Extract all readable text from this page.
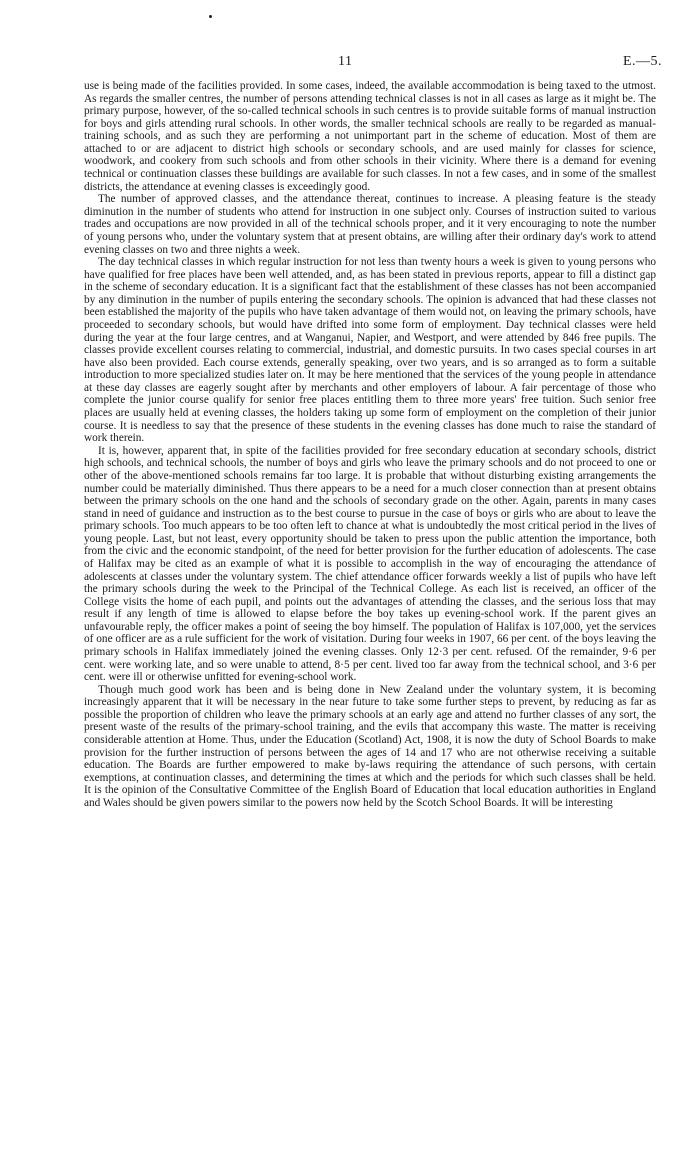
11	E.—5.

use is being made of the facilities provided. In some cases, indeed, the available accommodation is being taxed to the utmost. As regards the smaller centres, the number of persons attending technical classes is not in all cases as large as it might be. The primary purpose, however, of the so-called technical schools in such centres is to provide suitable forms of manual instruction for boys and girls attending rural schools. In other words, the smaller technical schools are really to be regarded as manual-training schools, and as such they are performing a not unimportant part in the scheme of education. Most of them are attached to or are adjacent to district high schools or secondary schools, and are used mainly for classes for science, woodwork, and cookery from such schools and from other schools in their vicinity. Where there is a demand for evening technical or continuation classes these buildings are available for such classes. In not a few cases, and in some of the smallest districts, the attendance at evening classes is exceedingly good.

The number of approved classes, and the attendance thereat, continues to increase. A pleasing feature is the steady diminution in the number of students who attend for instruction in one subject only. Courses of instruction suited to various trades and occupations are now provided in all of the technical schools proper, and it it very encouraging to note the number of young persons who, under the voluntary system that at present obtains, are willing after their ordinary day's work to attend evening classes on two and three nights a week.

The day technical classes in which regular instruction for not less than twenty hours a week is given to young persons who have qualified for free places have been well attended, and, as has been stated in previous reports, appear to fill a distinct gap in the scheme of secondary education. It is a significant fact that the establishment of these classes has not been accompanied by any diminution in the number of pupils entering the secondary schools. The opinion is advanced that had these classes not been established the majority of the pupils who have taken advantage of them would not, on leaving the primary schools, have proceeded to secondary schools, but would have drifted into some form of employment. Day technical classes were held during the year at the four large centres, and at Wanganui, Napier, and Westport, and were attended by 846 free pupils. The classes provide excellent courses relating to commercial, industrial, and domestic pursuits. In two cases special courses in art have also been provided. Each course extends, generally speaking, over two years, and is so arranged as to form a suitable introduction to more specialized studies later on. It may be here mentioned that the services of the young people in attendance at these day classes are eagerly sought after by merchants and other employers of labour. A fair percentage of those who complete the junior course qualify for senior free places entitling them to three more years' free tuition. Such senior free places are usually held at evening classes, the holders taking up some form of employment on the completion of their junior course. It is needless to say that the presence of these students in the evening classes has done much to raise the standard of work therein.

It is, however, apparent that, in spite of the facilities provided for free secondary education at secondary schools, district high schools, and technical schools, the number of boys and girls who leave the primary schools and do not proceed to one or other of the above-mentioned schools remains far too large. It is probable that without disturbing existing arrangements the number could be materially diminished. Thus there appears to be a need for a much closer connection than at present obtains between the primary schools on the one hand and the schools of secondary grade on the other. Again, parents in many cases stand in need of guidance and instruction as to the best course to pursue in the case of boys or girls who are about to leave the primary schools. Too much appears to be too often left to chance at what is undoubtedly the most critical period in the lives of young people. Last, but not least, every opportunity should be taken to press upon the public attention the importance, both from the civic and the economic standpoint, of the need for better provision for the further education of adolescents. The case of Halifax may be cited as an example of what it is possible to accomplish in the way of encouraging the attendance of adolescents at classes under the voluntary system. The chief attendance officer forwards weekly a list of pupils who have left the primary schools during the week to the Principal of the Technical College. As each list is received, an officer of the College visits the home of each pupil, and points out the advantages of attending the classes, and the serious loss that may result if any length of time is allowed to elapse before the boy takes up evening-school work. If the parent gives an unfavourable reply, the officer makes a point of seeing the boy himself. The population of Halifax is 107,000, yet the services of one officer are as a rule sufficient for the work of visitation. During four weeks in 1907, 66 per cent. of the boys leaving the primary schools in Halifax immediately joined the evening classes. Only 12·3 per cent. refused. Of the remainder, 9·6 per cent. were working late, and so were unable to attend, 8·5 per cent. lived too far away from the technical school, and 3·6 per cent. were ill or otherwise unfitted for evening-school work.

Though much good work has been and is being done in New Zealand under the voluntary system, it is becoming increasingly apparent that it will be necessary in the near future to take some further steps to prevent, by reducing as far as possible the proportion of children who leave the primary schools at an early age and attend no further classes of any sort, the present waste of the results of the primary-school training, and the evils that accompany this waste. The matter is receiving considerable attention at Home. Thus, under the Education (Scotland) Act, 1908, it is now the duty of School Boards to make provision for the further instruction of persons between the ages of 14 and 17 who are not otherwise receiving a suitable education. The Boards are further empowered to make by-laws requiring the attendance of such persons, with certain exemptions, at continuation classes, and determining the times at which and the periods for which such classes shall be held. It is the opinion of the Consultative Committee of the English Board of Education that local education authorities in England and Wales should be given powers similar to the powers now held by the Scotch School Boards. It will be interesting
